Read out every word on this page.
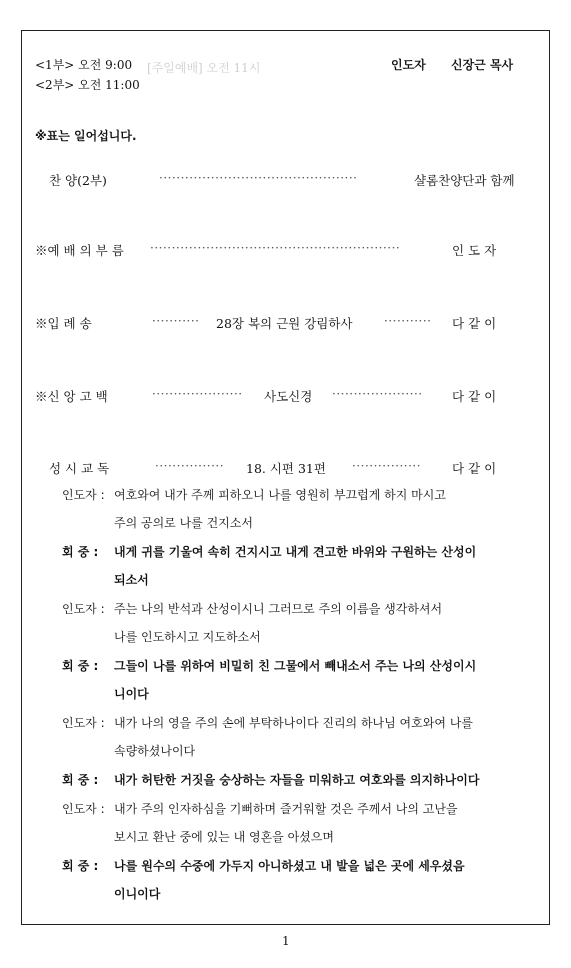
<1부> 오전 9:00 [주일예배] 오전 11시
<2부> 오전 11:00
인도자 신장근 목사
※표는 일어섭니다.
찬 양(2부)	··············································	샬롬찬양단과 함께
※예 배 의 부 름 ··························································	인 도 자
※입 례 송	··········· 28장 복의 근원 강림하사	··········· 다 같 이
※신 앙 고 백	····················· 사도신경 ····················· 다 같 이
성 시 교 독	················ 18. 시편 31편 ················ 다 같 이
인도자 : 여호와여 내가 주께 피하오니 나를 영원히 부끄럽게 하지 마시고
주의 공의로 나를 건지소서
회 중 : 내게 귀를 기울여 속히 건지시고 내게 견고한 바위와 구원하는 산성이
되소서
인도자 : 주는 나의 반석과 산성이시니 그러므로 주의 이름을 생각하셔서
나를 인도하시고 지도하소서
회 중 : 그들이 나를 위하여 비밀히 친 그물에서 빼내소서 주는 나의 산성이시
니이다
인도자 : 내가 나의 영을 주의 손에 부탁하나이다 진리의 하나님 여호와여 나를
속량하셨나이다
회 중 : 내가 허탄한 거짓을 숭상하는 자들을 미워하고 여호와를 의지하나이다
인도자 : 내가 주의 인자하심을 기뻐하며 즐거워할 것은 주께서 나의 고난을
보시고 환난 중에 있는 내 영혼을 아셨으며
회 중 : 나를 원수의 수중에 가두지 아니하셨고 내 발을 넓은 곳에 세우셨음
이니이다
1
